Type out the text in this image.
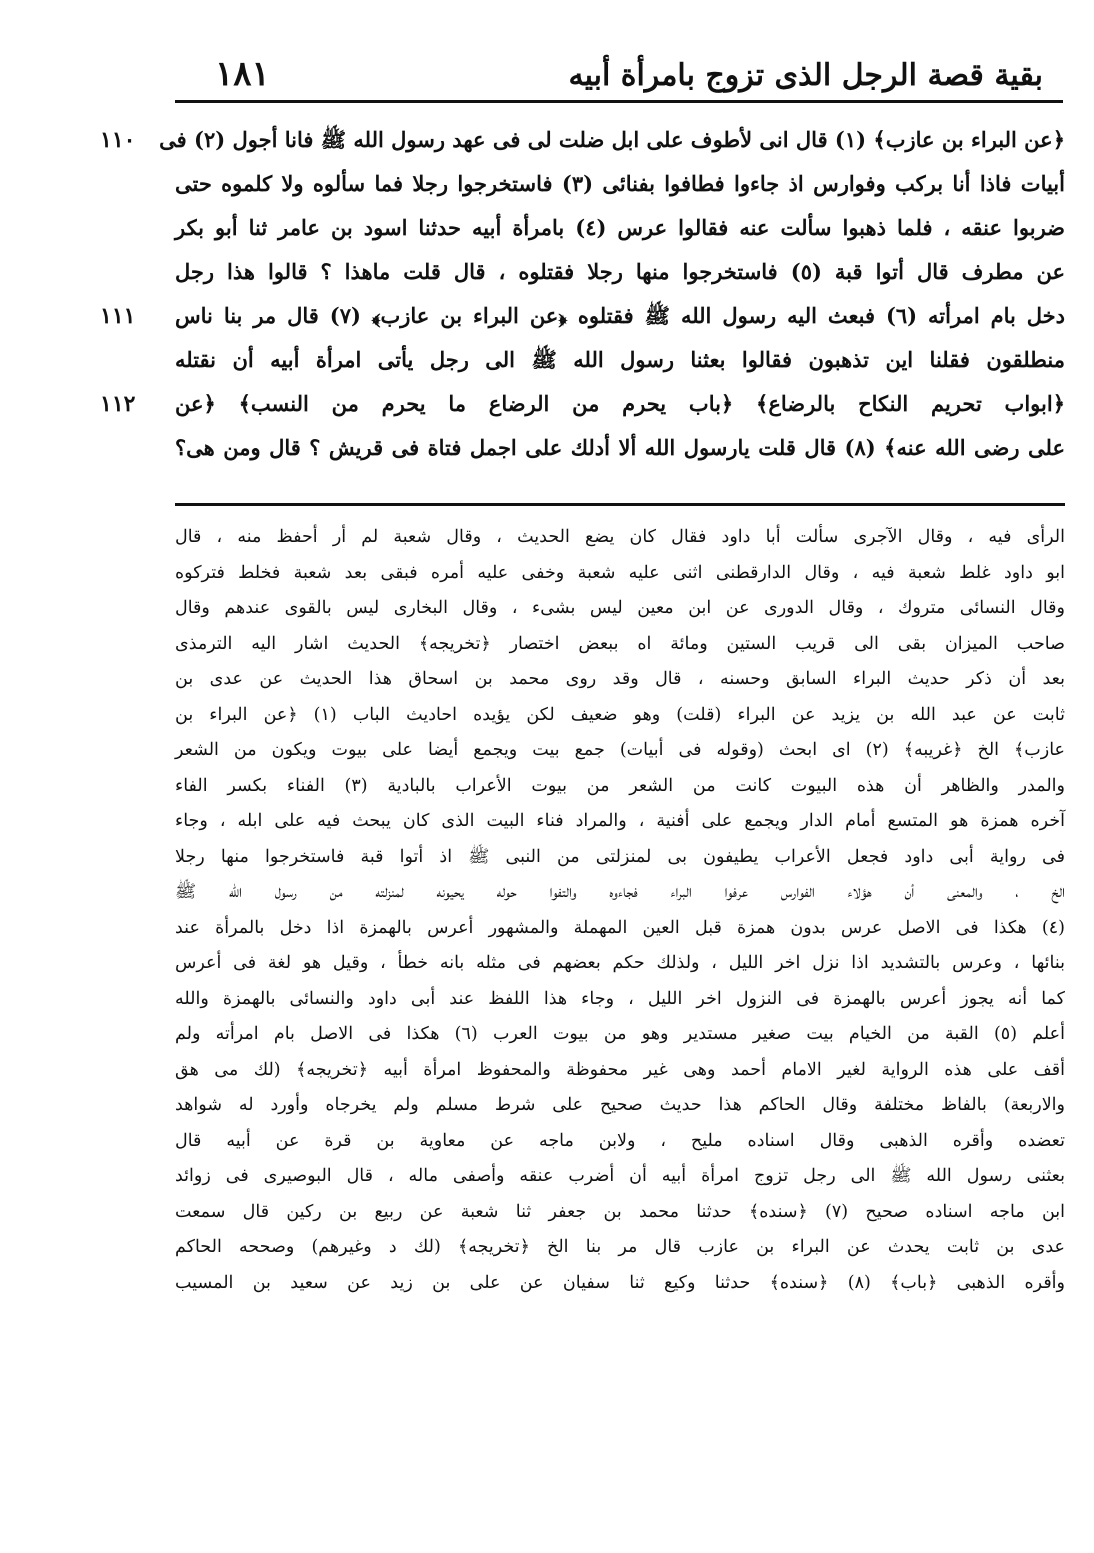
بقية قصة الرجل الذى تزوج بامرأة أبيه
١٨١
١١٠
١١١
١١٢
﴿عن البراء بن عازب﴾ (١) قال انى لأطوف على ابل ضلت لى فى عهد رسول الله ﷺ فانا أجول (٢) فى
أبيات فاذا أنا بركب وفوارس اذ جاءوا فطافوا بفنائى (٣) فاستخرجوا رجلا فما سألوه ولا كلموه حتى
ضربوا عنقه ، فلما ذهبوا سألت عنه فقالوا عرس (٤) بامرأة أبيه حدثنا اسود بن عامر ثنا أبو بكر
عن مطرف قال أتوا قبة (٥) فاستخرجوا منها رجلا فقتلوه ، قال قلت ماهذا ؟ قالوا هذا رجل
دخل بام امرأته (٦) فبعث اليه رسول الله ﷺ فقتلوه ﴿عن البراء بن عازب﴾ (٧) قال مر بنا ناس
منطلقون فقلنا اين تذهبون فقالوا بعثنا رسول الله ﷺ الى رجل يأتى امرأة أبيه أن نقتله
﴿ابواب تحريم النكاح بالرضاع﴾ ﴿باب يحرم من الرضاع ما يحرم من النسب﴾ ﴿عن
على رضى الله عنه﴾ (٨) قال قلت يارسول الله ألا أدلك على اجمل فتاة فى قريش ؟ قال ومن هى؟
الرأى فيه ، وقال الآجرى سألت أبا داود فقال كان يضع الحديث ، وقال شعبة لم أر أحفظ منه ، قال
ابو داود غلط شعبة فيه ، وقال الدارقطنى اثنى عليه شعبة وخفى عليه أمره فبقى بعد شعبة فخلط فتركوه
وقال النسائى متروك ، وقال الدورى عن ابن معين ليس بشىء ، وقال البخارى ليس بالقوى عندهم وقال
صاحب الميزان بقى الى قريب الستين ومائة اه ببعض اختصار ﴿تخريجه﴾ الحديث اشار اليه الترمذى
بعد أن ذكر حديث البراء السابق وحسنه ، قال وقد روى محمد بن اسحاق هذا الحديث عن عدى بن
ثابت عن عبد الله بن يزيد عن البراء (قلت) وهو ضعيف لكن يؤيده احاديث الباب (١) ﴿عن البراء بن
عازب﴾ الخ ﴿غريبه﴾ (٢) اى ابحث (وقوله فى أبيات) جمع بيت ويجمع أيضا على بيوت ويكون من الشعر
والمدر والظاهر أن هذه البيوت كانت من الشعر من بيوت الأعراب بالبادية (٣) الفناء بكسر الفاء
آخره همزة هو المتسع أمام الدار ويجمع على أفنية ، والمراد فناء البيت الذى كان يبحث فيه على ابله ، وجاء
فى رواية أبى داود فجعل الأعراب يطيفون بى لمنزلتى من النبى ﷺ اذ أتوا قبة فاستخرجوا منها رجلا
الخ ، والمعنى أن هؤلاء الفوارس عرفوا البراء فجاءوه والتفوا حوله يحيونه لمنزلته من رسول الله ﷺ
(٤) هكذا فى الاصل عرس بدون همزة قبل العين المهملة والمشهور أعرس بالهمزة اذا دخل بالمرأة عند
بنائها ، وعرس بالتشديد اذا نزل اخر الليل ، ولذلك حكم بعضهم فى مثله بانه خطأ ، وقيل هو لغة فى أعرس
كما أنه يجوز أعرس بالهمزة فى النزول اخر الليل ، وجاء هذا اللفظ عند أبى داود والنسائى بالهمزة والله
أعلم (٥) القبة من الخيام بيت صغير مستدير وهو من بيوت العرب (٦) هكذا فى الاصل بام امرأته ولم
أقف على هذه الرواية لغير الامام أحمد وهى غير محفوظة والمحفوظ امرأة أبيه ﴿تخريجه﴾ (لك مى هق
والاربعة) بالفاظ مختلفة وقال الحاكم هذا حديث صحيح على شرط مسلم ولم يخرجاه وأورد له شواهد
تعضده وأقره الذهبى وقال اسناده مليح ، ولابن ماجه عن معاوية بن قرة عن أبيه قال
بعثنى رسول الله ﷺ الى رجل تزوج امرأة أبيه أن أضرب عنقه وأصفى ماله ، قال البوصيرى فى زوائد
ابن ماجه اسناده صحيح (٧) ﴿سنده﴾ حدثنا محمد بن جعفر ثنا شعبة عن ربيع بن ركين قال سمعت
عدى بن ثابت يحدث عن البراء بن عازب قال مر بنا الخ ﴿تخريجه﴾ (لك د وغيرهم) وصححه الحاكم
وأقره الذهبى ﴿باب﴾ (٨) ﴿سنده﴾ حدثنا وكيع ثنا سفيان عن على بن زيد عن سعيد بن المسيب
